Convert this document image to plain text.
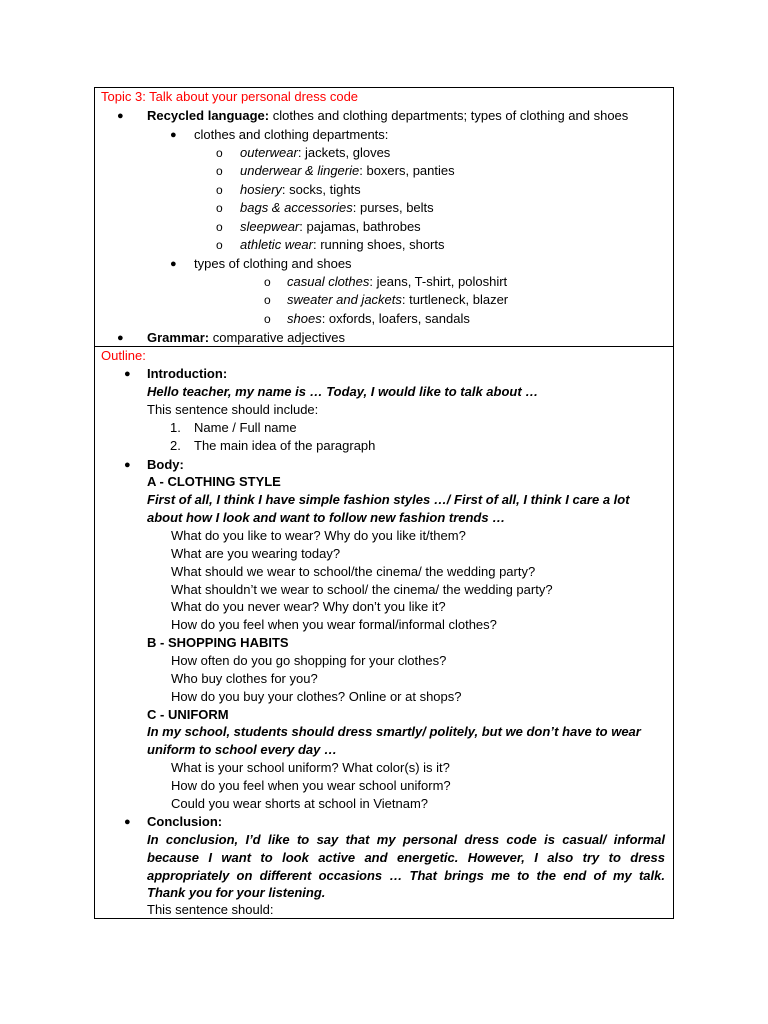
Topic 3: Talk about your personal dress code
● Recycled language: clothes and clothing departments; types of clothing and shoes
● clothes and clothing departments:
o outerwear: jackets, gloves
o underwear & lingerie: boxers, panties
o hosiery: socks, tights
o bags & accessories: purses, belts
o sleepwear: pajamas, bathrobes
o athletic wear: running shoes, shorts
● types of clothing and shoes
o casual clothes: jeans, T-shirt, poloshirt
o sweater and jackets: turtleneck, blazer
o shoes: oxfords, loafers, sandals
● Grammar: comparative adjectives
Outline:
● Introduction:
Hello teacher, my name is … Today, I would like to talk about …
This sentence should include:
1. Name / Full name
2. The main idea of the paragraph
● Body:
A - CLOTHING STYLE
First of all, I think I have simple fashion styles …/ First of all, I think I care a lot
about how I look and want to follow new fashion trends …
What do you like to wear? Why do you like it/them?
What are you wearing today?
What should we wear to school/the cinema/ the wedding party?
What shouldn’t we wear to school/ the cinema/ the wedding party?
What do you never wear? Why don’t you like it?
How do you feel when you wear formal/informal clothes?
B - SHOPPING HABITS
How often do you go shopping for your clothes?
Who buy clothes for you?
How do you buy your clothes? Online or at shops?
C - UNIFORM
In my school, students should dress smartly/ politely, but we don’t have to wear
uniform to school every day …
What is your school uniform? What color(s) is it?
How do you feel when you wear school uniform?
Could you wear shorts at school in Vietnam?
● Conclusion:
In conclusion, I’d like to say that my personal dress code is casual/ informal
because I want to look active and energetic. However, I also try to dress
appropriately on different occasions … That brings me to the end of my talk.
Thank you for your listening.
This sentence should:
